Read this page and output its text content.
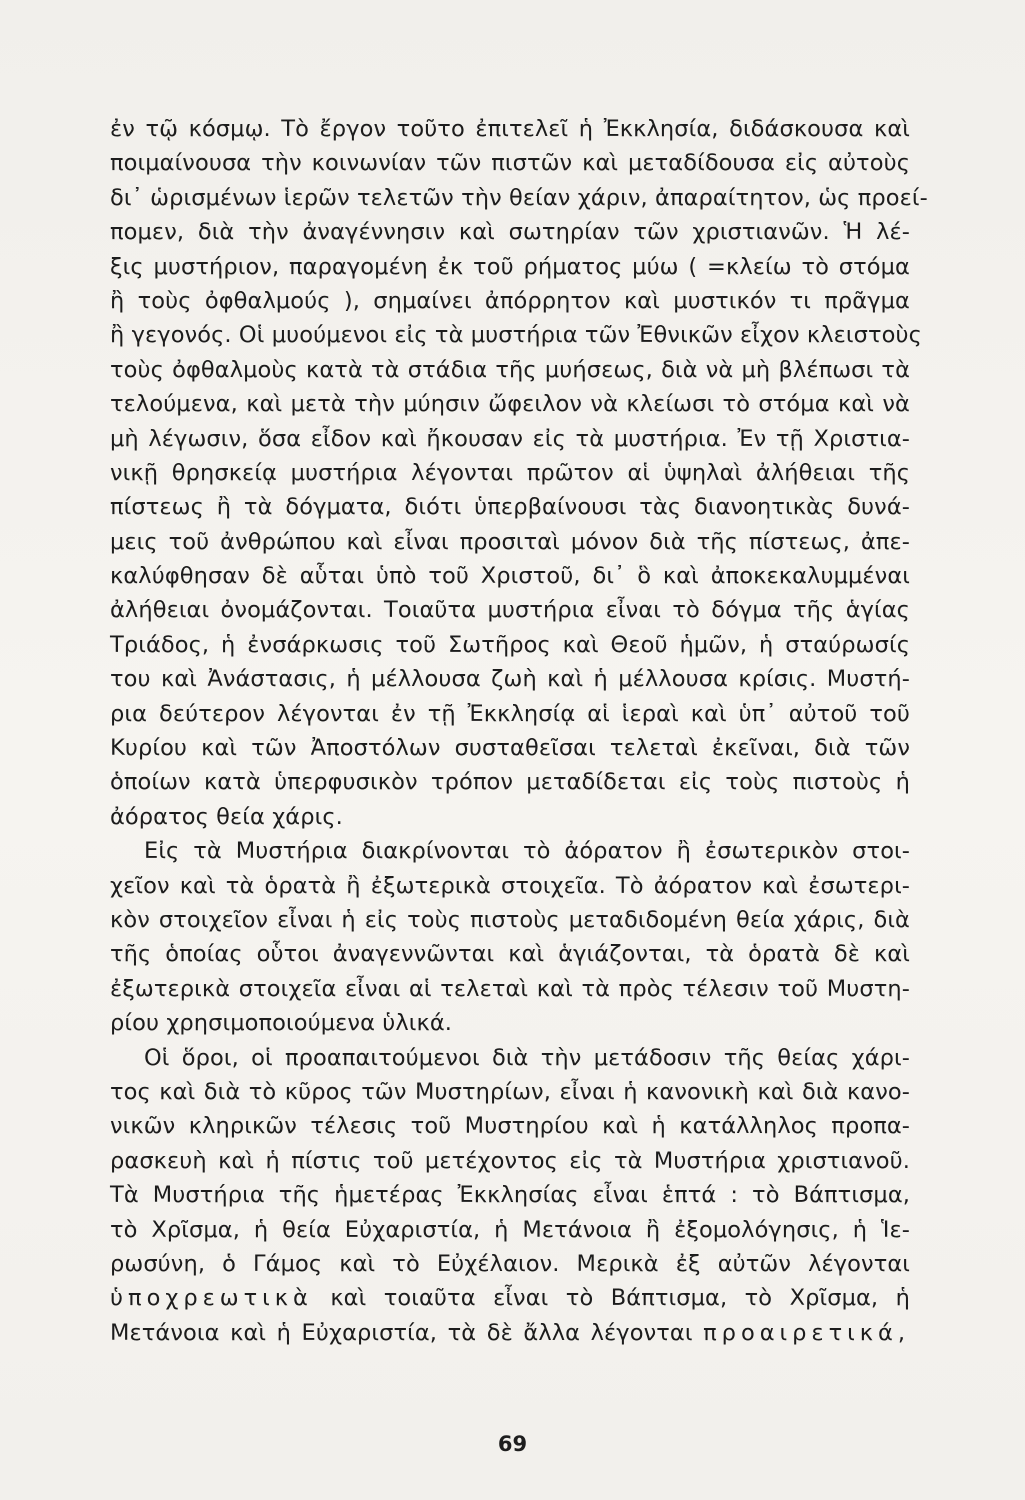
ἐν τῷ κόσμῳ. Τὸ ἔργον τοῦτο ἐπιτελεῖ ἡ Ἐκκλησία, διδάσκουσα καὶ
ποιμαίνουσα τὴν κοινωνίαν τῶν πιστῶν καὶ μεταδίδουσα εἰς αὐτοὺς
δι᾽ ὡρισμένων ἱερῶν τελετῶν τὴν θείαν χάριν, ἀπαραίτητον, ὡς προεί-
πομεν, διὰ τὴν ἀναγέννησιν καὶ σωτηρίαν τῶν χριστιανῶν. Ἡ λέ-
ξις μυστήριον, παραγομένη ἐκ τοῦ ρήματος μύω ( =κλείω τὸ στόμα
ἢ τοὺς ὀφθαλμούς ), σημαίνει ἀπόρρητον καὶ μυστικόν τι πρᾶγμα
ἢ γεγονός. Οἱ μυούμενοι εἰς τὰ μυστήρια τῶν Ἐθνικῶν εἶχον κλειστοὺς
τοὺς ὀφθαλμοὺς κατὰ τὰ στάδια τῆς μυήσεως, διὰ νὰ μὴ βλέπωσι τὰ
τελούμενα, καὶ μετὰ τὴν μύησιν ὤφειλον νὰ κλείωσι τὸ στόμα καὶ νὰ
μὴ λέγωσιν, ὅσα εἶδον καὶ ἤκουσαν εἰς τὰ μυστήρια. Ἐν τῇ Χριστια-
νικῇ θρησκείᾳ μυστήρια λέγονται πρῶτον αἱ ὑψηλαὶ ἀλήθειαι τῆς
πίστεως ἢ τὰ δόγματα, διότι ὑπερβαίνουσι τὰς διανοητικὰς δυνά-
μεις τοῦ ἀνθρώπου καὶ εἶναι προσιταὶ μόνον διὰ τῆς πίστεως, ἀπε-
καλύφθησαν δὲ αὗται ὑπὸ τοῦ Χριστοῦ, δι᾽ ὃ καὶ ἀποκεκαλυμμέναι
ἀλήθειαι ὀνομάζονται. Τοιαῦτα μυστήρια εἶναι τὸ δόγμα τῆς ἁγίας
Τριάδος, ἡ ἐνσάρκωσις τοῦ Σωτῆρος καὶ Θεοῦ ἡμῶν, ἡ σταύρωσίς
του καὶ Ἀνάστασις, ἡ μέλλουσα ζωὴ καὶ ἡ μέλλουσα κρίσις. Μυστή-
ρια δεύτερον λέγονται ἐν τῇ Ἐκκλησίᾳ αἱ ἱεραὶ καὶ ὑπ᾽ αὐτοῦ τοῦ
Κυρίου καὶ τῶν Ἀποστόλων συσταθεῖσαι τελεταὶ ἐκεῖναι, διὰ τῶν
ὁποίων κατὰ ὑπερφυσικὸν τρόπον μεταδίδεται εἰς τοὺς πιστοὺς ἡ
ἀόρατος θεία χάρις.
Εἰς τὰ Μυστήρια διακρίνονται τὸ ἀόρατον ἢ ἐσωτερικὸν στοι-
χεῖον καὶ τὰ ὁρατὰ ἢ ἐξωτερικὰ στοιχεῖα. Τὸ ἀόρατον καὶ ἐσωτερι-
κὸν στοιχεῖον εἶναι ἡ εἰς τοὺς πιστοὺς μεταδιδομένη θεία χάρις, διὰ
τῆς ὁποίας οὗτοι ἀναγεννῶνται καὶ ἁγιάζονται, τὰ ὁρατὰ δὲ καὶ
ἐξωτερικὰ στοιχεῖα εἶναι αἱ τελεταὶ καὶ τὰ πρὸς τέλεσιν τοῦ Μυστη-
ρίου χρησιμοποιούμενα ὑλικά.
Οἱ ὅροι, οἱ προαπαιτούμενοι διὰ τὴν μετάδοσιν τῆς θείας χάρι-
τος καὶ διὰ τὸ κῦρος τῶν Μυστηρίων, εἶναι ἡ κανονικὴ καὶ διὰ κανο-
νικῶν κληρικῶν τέλεσις τοῦ Μυστηρίου καὶ ἡ κατάλληλος προπα-
ρασκευὴ καὶ ἡ πίστις τοῦ μετέχοντος εἰς τὰ Μυστήρια χριστιανοῦ.
Τὰ Μυστήρια τῆς ἡμετέρας Ἐκκλησίας εἶναι ἑπτά : τὸ Βάπτισμα,
τὸ Χρῖσμα, ἡ θεία Εὐχαριστία, ἡ Μετάνοια ἢ ἐξομολόγησις, ἡ Ἱε-
ρωσύνη, ὁ Γάμος καὶ τὸ Εὐχέλαιον. Μερικὰ ἐξ αὐτῶν λέγονται
ὑποχρεωτικὰ καὶ τοιαῦτα εἶναι τὸ Βάπτισμα, τὸ Χρῖσμα, ἡ
Μετάνοια καὶ ἡ Εὐχαριστία, τὰ δὲ ἄλλα λέγονται προαιρετικά,
69
